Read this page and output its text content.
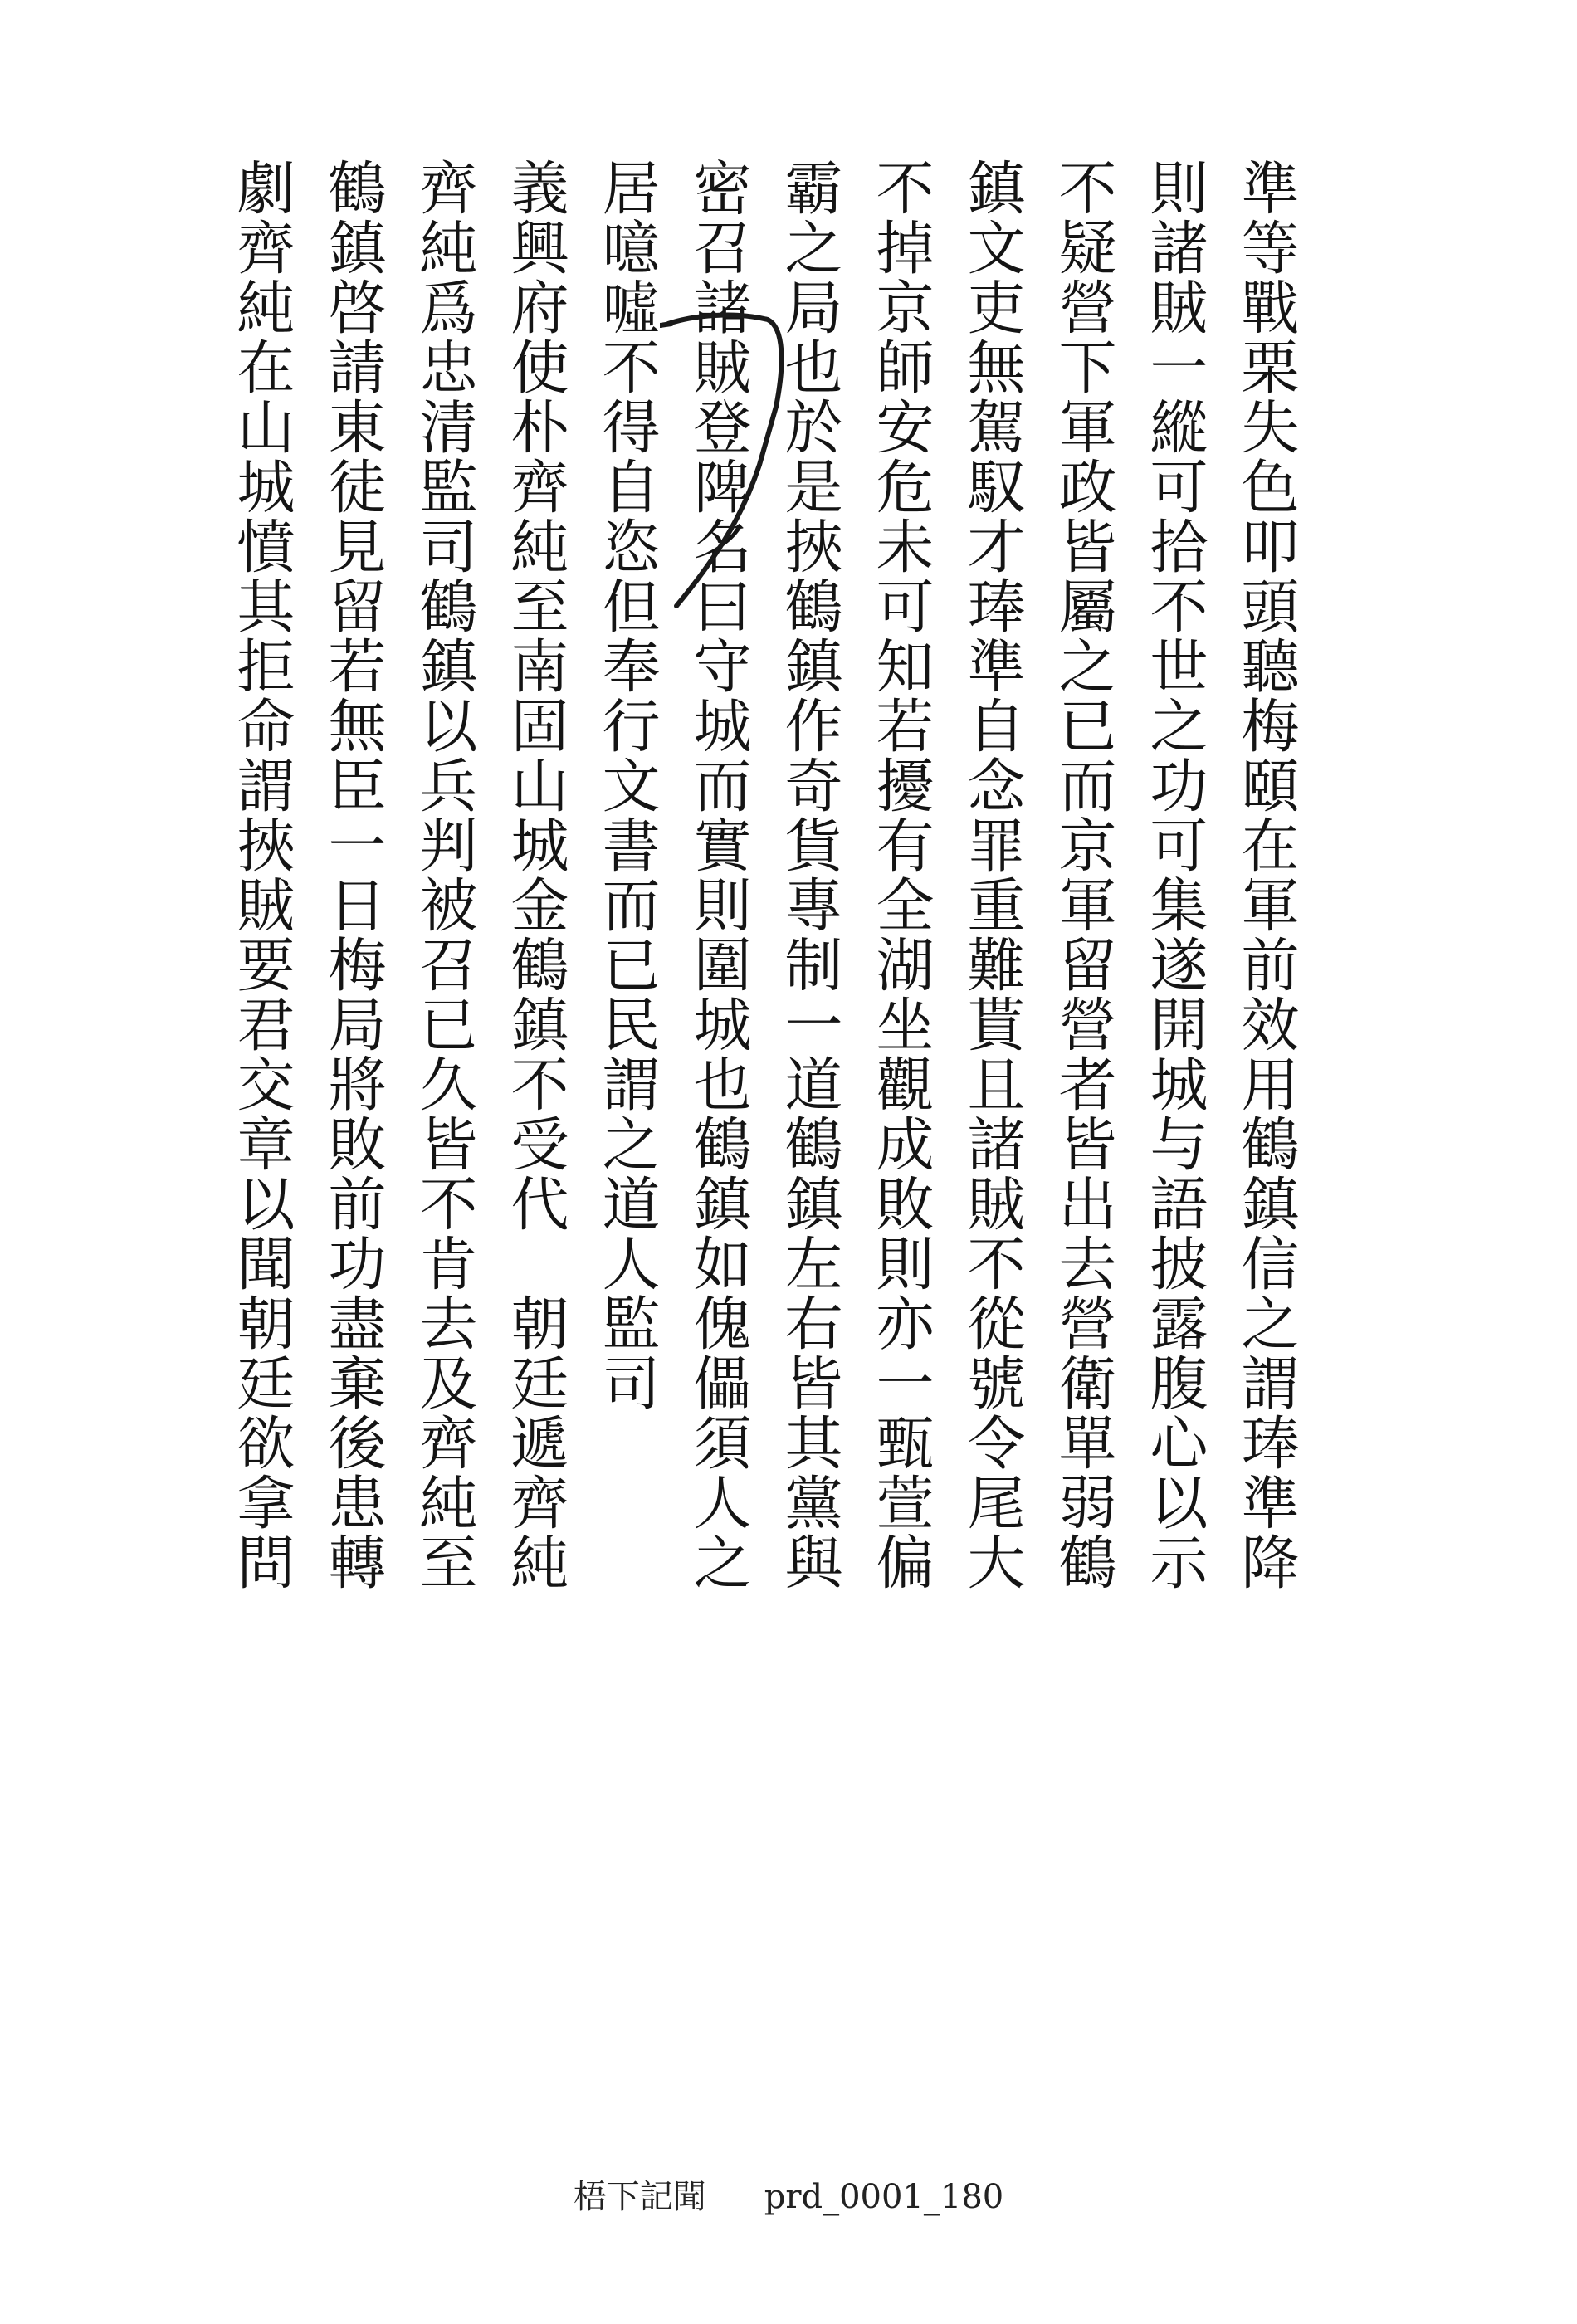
準等戰栗失色叩頭聽梅頤在軍前效用鶴鎮信之謂琫準降
則諸賊一縱可拾不世之功可集遂開城与語披露腹心以示
不疑營下軍政皆屬之已而京軍留營者皆出去營衛單弱鶴
鎮文吏無駕馭才琫準自念罪重難貰且諸賊不從號令尾大
不掉京師安危未可知若擾有全湖坐觀成敗則亦一甄萱偏
霸之局也於是挾鶴鎮作奇貨專制一道鶴鎮左右皆其黨與
密召諸賊登陴名曰守城而實則圍城也鶴鎮如傀儡須人之
居噫噓不得自恣但奉行文書而已民謂之道人監司
義興府使朴齊純至南固山城金鶴鎮不受代　朝廷遞齊純
齊純爲忠清監司鶴鎮以兵判被召已久皆不肯去及齊純至
鶴鎮啓請東徒見留若無臣一日梅局將敗前功盡棄後患轉
劇齊純在山城憤其拒命謂挾賊要君交章以聞朝廷欲拿問
梧下記聞 prd_0001_180
